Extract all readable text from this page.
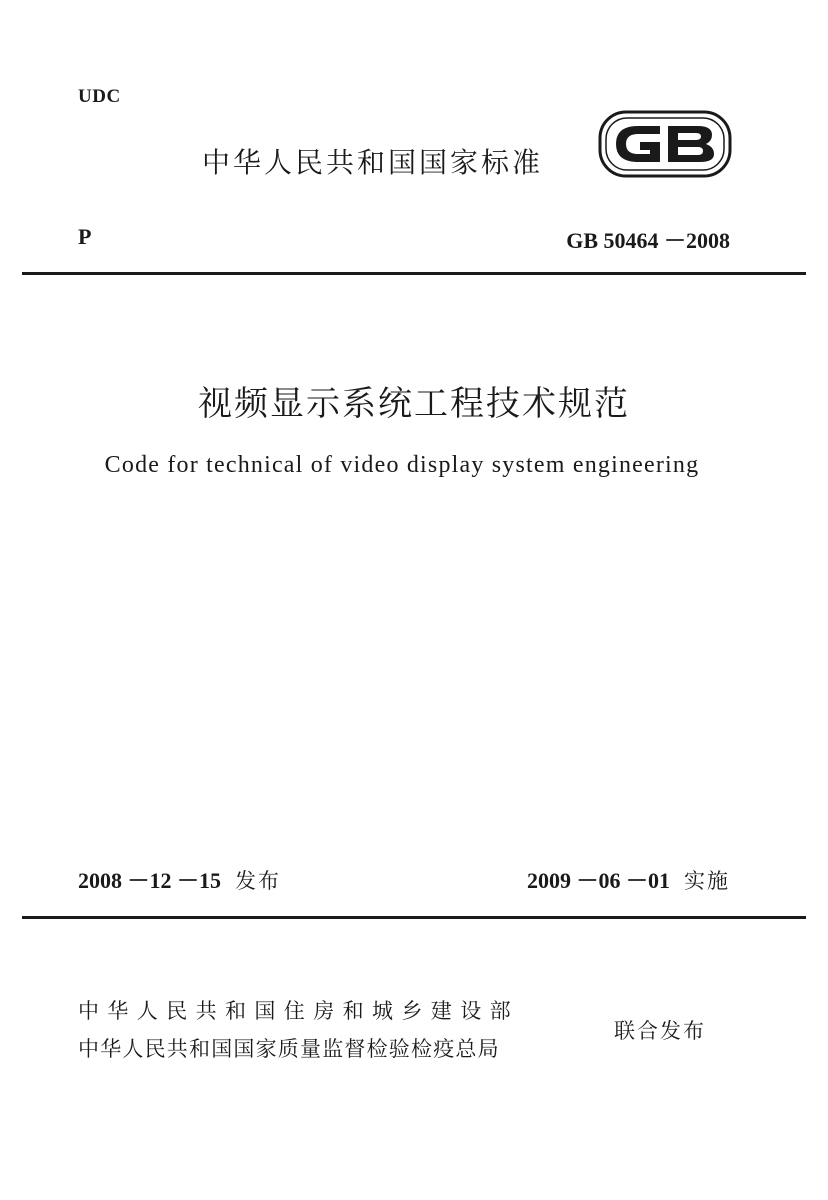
UDC
中华人民共和国国家标准
GB
P	GB 50464 －2008
视频显示系统工程技术规范
Code for technical of video display system engineering
2008 －12 －15 发布	2009 －06 －01 实施
中华人民共和国住房和城乡建设部
中华人民共和国国家质量监督检验检疫总局
联合发布
